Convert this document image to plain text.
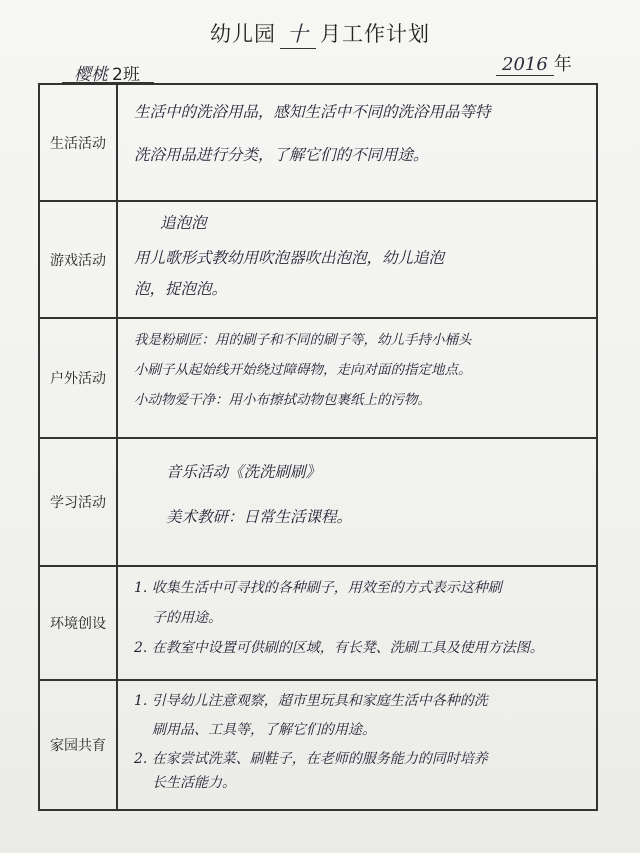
幼儿园 十 月工作计划
樱桃 2班	2016 年
生活活动	生活中的洗浴用品，感知生活中不同的洗浴用品等特
洗浴用品进行分类，了解它们的不同用途。

游戏活动	追泡泡
用儿歌形式教幼用吹泡器吹出泡泡，幼儿追泡
泡，捉泡泡。

户外活动	我是粉刷匠：用的刷子和不同的刷子等，幼儿手持小桶头
小刷子从起始线开始绕过障碍物，走向对面的指定地点。
小动物爱干净：用小布擦拭动物包裹纸上的污物。

学习活动	音乐活动《洗洗刷刷》
美术教研：日常生活课程。

环境创设	1. 收集生活中可寻找的各种刷子，用效至的方式表示这种刷
子的用途。
2. 在教室中设置可供刷的区域，有长凳、洗刷工具及使用方法图。

家园共育	1. 引导幼儿注意观察，超市里玩具和家庭生活中各种的洗
刷用品、工具等，了解它们的用途。
2. 在家尝试洗菜、刷鞋子，在老师的服务能力的同时培养
长生活能力。
